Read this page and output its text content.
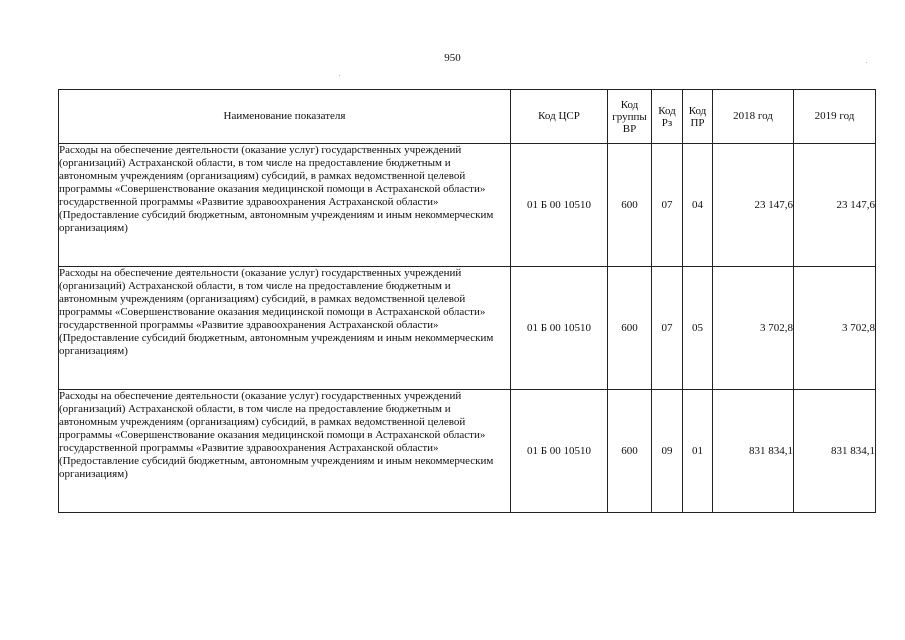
950
Наименование показателя	Код ЦСР	Код группы ВР	Код Рз	Код ПР	2018 год	2019 год
Расходы на обеспечение деятельности (оказание услуг) государственных учреждений (организаций) Астраханской области, в том числе на предоставление бюджетным и автономным учреждениям (организациям) субсидий, в рамках ведомственной целевой программы «Совершенствование оказания медицинской помощи в Астраханской области» государственной программы «Развитие здравоохранения Астраханской области» (Предоставление субсидий бюджетным, автономным учреждениям и иным некоммерческим организациям)	01 Б 00 10510	600	07	04	23 147,6	23 147,6
Расходы на обеспечение деятельности (оказание услуг) государственных учреждений (организаций) Астраханской области, в том числе на предоставление бюджетным и автономным учреждениям (организациям) субсидий, в рамках ведомственной целевой программы «Совершенствование оказания медицинской помощи в Астраханской области» государственной программы «Развитие здравоохранения Астраханской области» (Предоставление субсидий бюджетным, автономным учреждениям и иным некоммерческим организациям)	01 Б 00 10510	600	07	05	3 702,8	3 702,8
Расходы на обеспечение деятельности (оказание услуг) государственных учреждений (организаций) Астраханской области, в том числе на предоставление бюджетным и автономным учреждениям (организациям) субсидий, в рамках ведомственной целевой программы «Совершенствование оказания медицинской помощи в Астраханской области» государственной программы «Развитие здравоохранения Астраханской области» (Предоставление субсидий бюджетным, автономным учреждениям и иным некоммерческим организациям)	01 Б 00 10510	600	09	01	831 834,1	831 834,1
